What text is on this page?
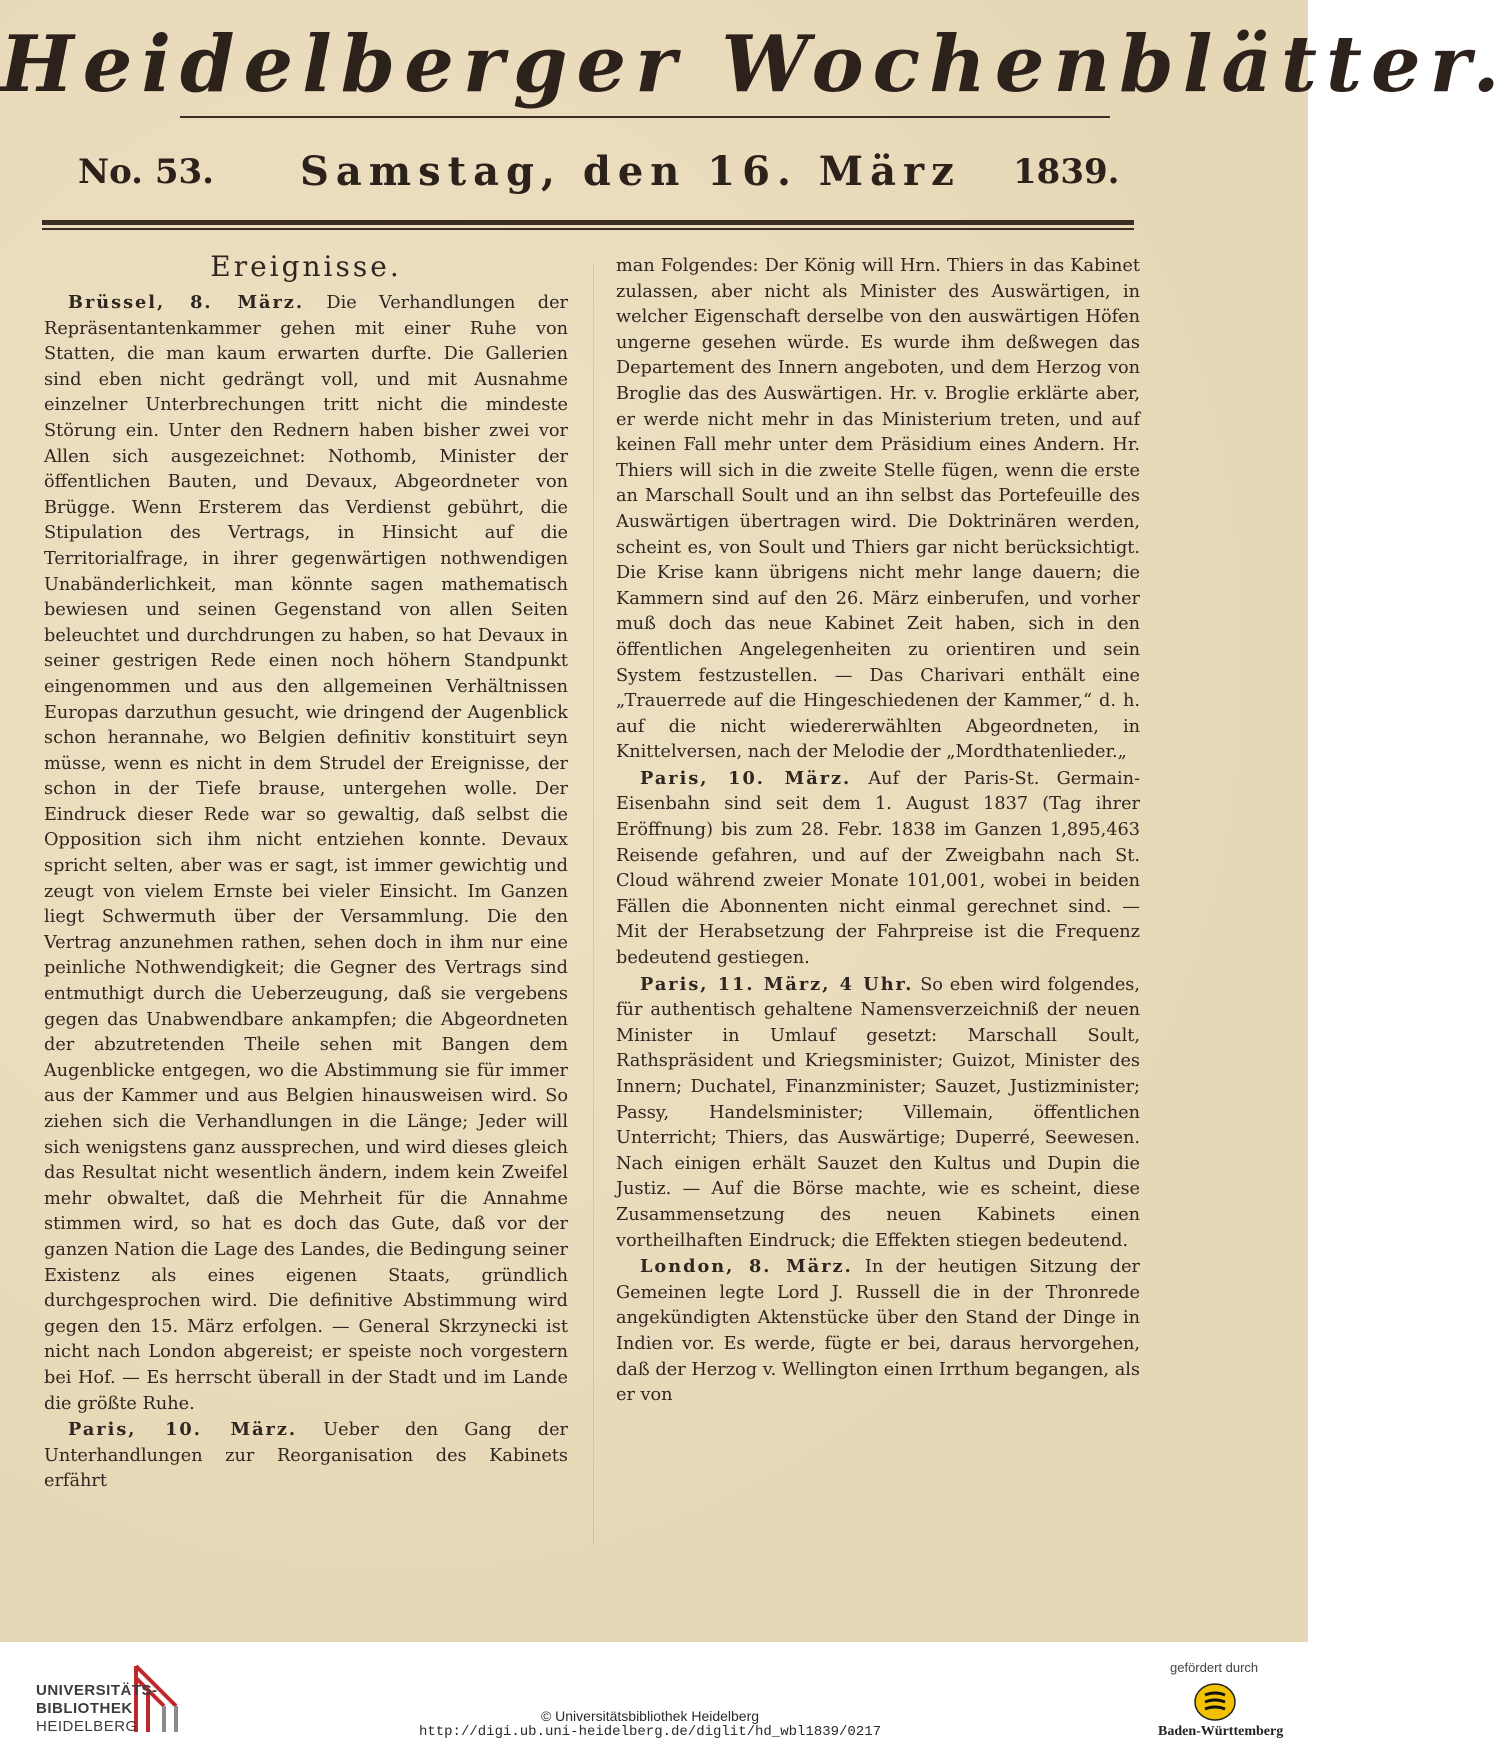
Heidelberger Wochenblätter.
No. 53. Samstag, den 16. März 1839.
Ereignisse.

Brüssel, 8. März. Die Verhandlungen der Repräsentantenkammer gehen mit einer Ruhe von Statten, die man kaum erwarten durfte. Die Gallerien sind eben nicht gedrängt voll, und mit Ausnahme einzelner Unterbrechungen tritt nicht die mindeste Störung ein. Unter den Rednern haben bisher zwei vor Allen sich ausgezeichnet: Nothomb, Minister der öffentlichen Bauten, und Devaux, Abgeordneter von Brügge. Wenn Ersterem das Verdienst gebührt, die Stipulation des Vertrags, in Hinsicht auf die Territorialfrage, in ihrer gegenwärtigen nothwendigen Unabänderlichkeit, man könnte sagen mathematisch bewiesen und seinen Gegenstand von allen Seiten beleuchtet und durchdrungen zu haben, so hat Devaux in seiner gestrigen Rede einen noch höhern Standpunkt eingenommen und aus den allgemeinen Verhältnissen Europas darzuthun gesucht, wie dringend der Augenblick schon herannahe, wo Belgien definitiv konstituirt seyn müsse, wenn es nicht in dem Strudel der Ereignisse, der schon in der Tiefe brause, untergehen wolle. Der Eindruck dieser Rede war so gewaltig, daß selbst die Opposition sich ihm nicht entziehen konnte. Devaux spricht selten, aber was er sagt, ist immer gewichtig und zeugt von vielem Ernste bei vieler Einsicht. Im Ganzen liegt Schwermuth über der Versammlung. Die den Vertrag anzunehmen rathen, sehen doch in ihm nur eine peinliche Nothwendigkeit; die Gegner des Vertrags sind entmuthigt durch die Ueberzeugung, daß sie vergebens gegen das Unabwendbare ankampfen; die Abgeordneten der abzutretenden Theile sehen mit Bangen dem Augenblicke entgegen, wo die Abstimmung sie für immer aus der Kammer und aus Belgien hinausweisen wird. So ziehen sich die Verhandlungen in die Länge; Jeder will sich wenigstens ganz aussprechen, und wird dieses gleich das Resultat nicht wesentlich ändern, indem kein Zweifel mehr obwaltet, daß die Mehrheit für die Annahme stimmen wird, so hat es doch das Gute, daß vor der ganzen Nation die Lage des Landes, die Bedingung seiner Existenz als eines eigenen Staats, gründlich durchgesprochen wird. Die definitive Abstimmung wird gegen den 15. März erfolgen. — General Skrzynecki ist nicht nach London abgereist; er speiste noch vorgestern bei Hof. — Es herrscht überall in der Stadt und im Lande die größte Ruhe.

Paris, 10. März. Ueber den Gang der Unterhandlungen zur Reorganisation des Kabinets erfährt

man Folgendes: Der König will Hrn. Thiers in das Kabinet zulassen, aber nicht als Minister des Auswärtigen, in welcher Eigenschaft derselbe von den auswärtigen Höfen ungerne gesehen würde. Es wurde ihm deßwegen das Departement des Innern angeboten, und dem Herzog von Broglie das des Auswärtigen. Hr. v. Broglie erklärte aber, er werde nicht mehr in das Ministerium treten, und auf keinen Fall mehr unter dem Präsidium eines Andern. Hr. Thiers will sich in die zweite Stelle fügen, wenn die erste an Marschall Soult und an ihn selbst das Portefeuille des Auswärtigen übertragen wird. Die Doktrinären werden, scheint es, von Soult und Thiers gar nicht berücksichtigt. Die Krise kann übrigens nicht mehr lange dauern; die Kammern sind auf den 26. März einberufen, und vorher muß doch das neue Kabinet Zeit haben, sich in den öffentlichen Angelegenheiten zu orientiren und sein System festzustellen. — Das Charivari enthält eine „Trauerrede auf die Hingeschiedenen der Kammer,“ d. h. auf die nicht wiedererwählten Abgeordneten, in Knittelversen, nach der Melodie der „Mordthatenlieder.„

Paris, 10. März. Auf der Paris-St. Germain-Eisenbahn sind seit dem 1. August 1837 (Tag ihrer Eröffnung) bis zum 28. Febr. 1838 im Ganzen 1,895,463 Reisende gefahren, und auf der Zweigbahn nach St. Cloud während zweier Monate 101,001, wobei in beiden Fällen die Abonnenten nicht einmal gerechnet sind. — Mit der Herabsetzung der Fahrpreise ist die Frequenz bedeutend gestiegen.

Paris, 11. März, 4 Uhr. So eben wird folgendes, für authentisch gehaltene Namensverzeichniß der neuen Minister in Umlauf gesetzt: Marschall Soult, Rathspräsident und Kriegsminister; Guizot, Minister des Innern; Duchatel, Finanzminister; Sauzet, Justizminister; Passy, Handelsminister; Villemain, öffentlichen Unterricht; Thiers, das Auswärtige; Duperré, Seewesen. Nach einigen erhält Sauzet den Kultus und Dupin die Justiz. — Auf die Börse machte, wie es scheint, diese Zusammensetzung des neuen Kabinets einen vortheilhaften Eindruck; die Effekten stiegen bedeutend.

London, 8. März. In der heutigen Sitzung der Gemeinen legte Lord J. Russell die in der Thronrede angekündigten Aktenstücke über den Stand der Dinge in Indien vor. Es werde, fügte er bei, daraus hervorgehen, daß der Herzog v. Wellington einen Irrthum begangen, als er von

UNIVERSITÄTS-
BIBLIOTHEK
HEIDELBERG
© Universitätsbibliothek Heidelberg
http://digi.ub.uni-heidelberg.de/diglit/hd_wbl1839/0217
gefördert durch
Baden-Württemberg
